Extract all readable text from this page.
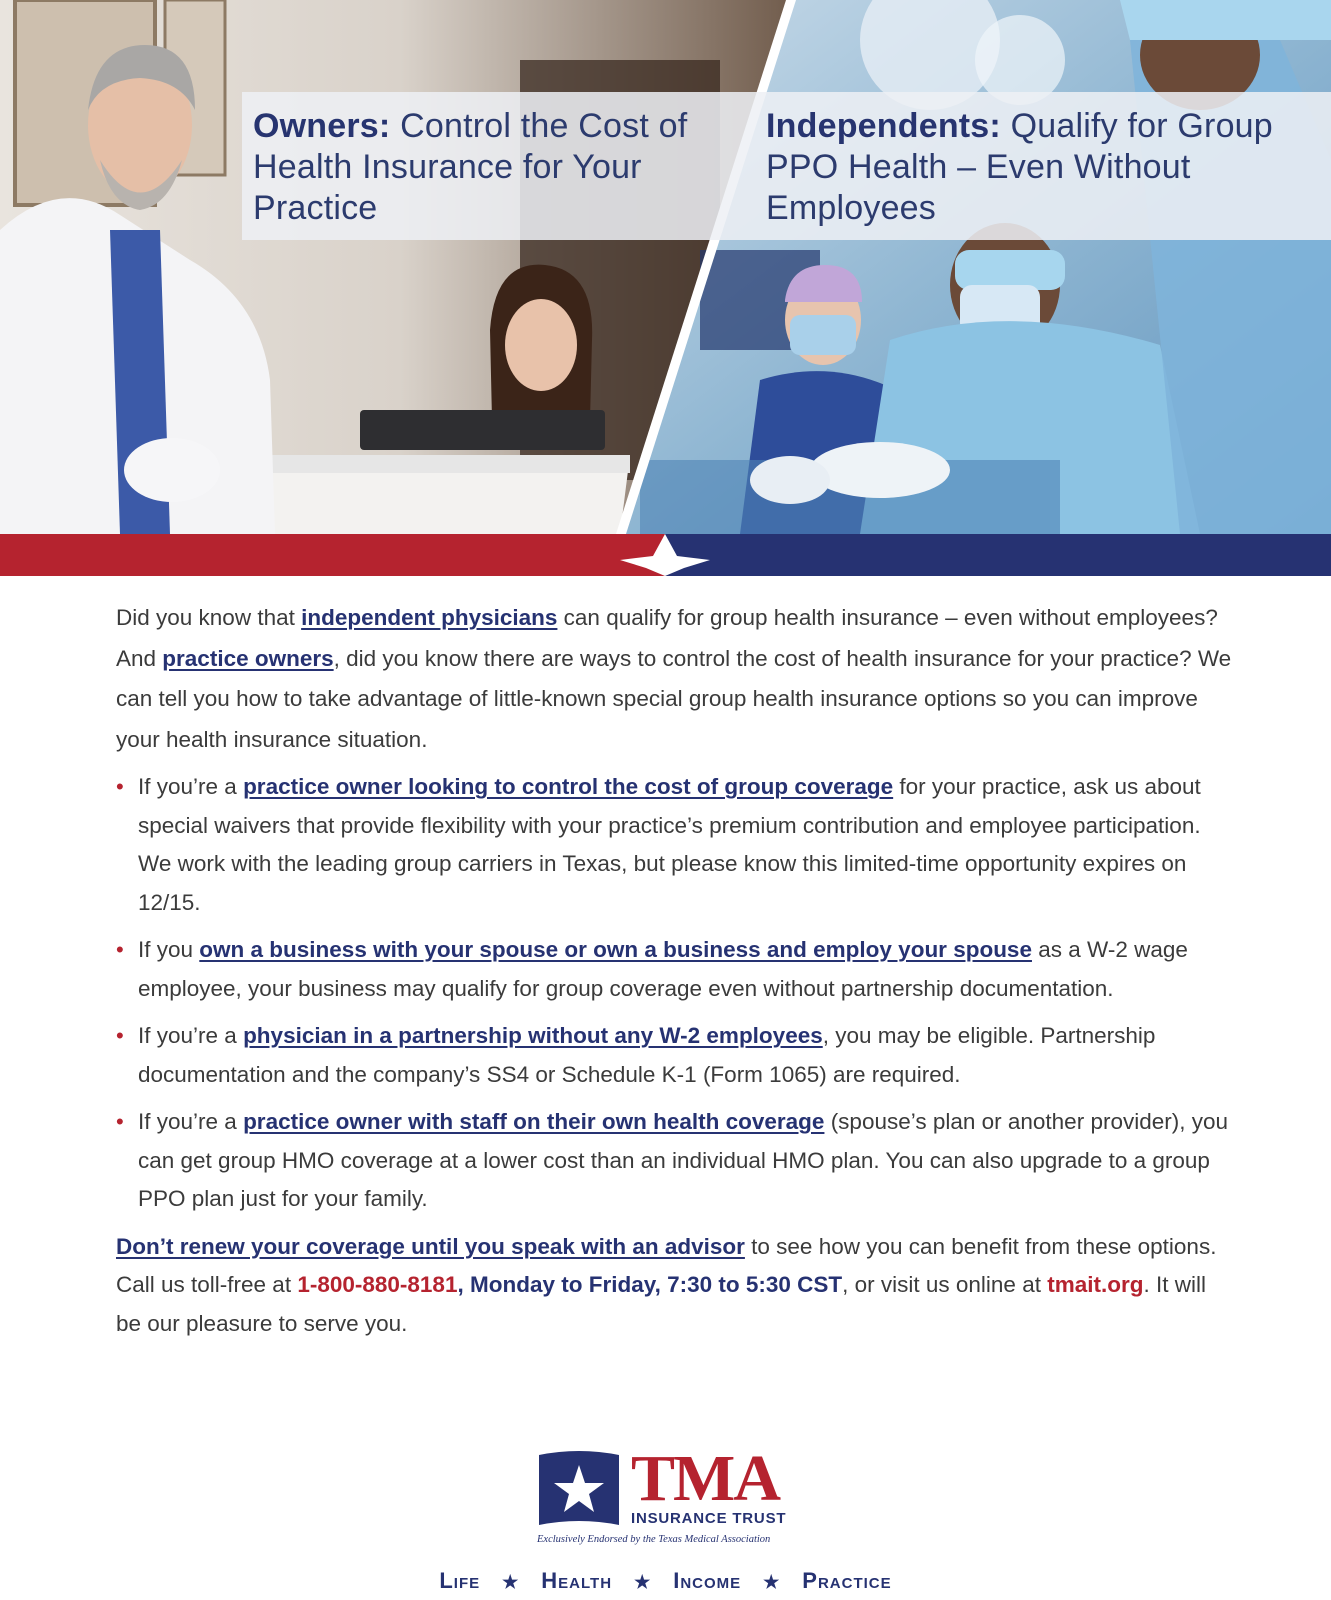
Owners: Control the Cost of Health Insurance for Your Practice
Independents: Qualify for Group PPO Health – Even Without Employees

Did you know that independent physicians can qualify for group health insurance – even without employees? And practice owners, did you know there are ways to control the cost of health insurance for your practice? We can tell you how to take advantage of little-known special group health insurance options so you can improve your health insurance situation.

• If you’re a practice owner looking to control the cost of group coverage for your practice, ask us about special waivers that provide flexibility with your practice’s premium contribution and employee participation. We work with the leading group carriers in Texas, but please know this limited-time opportunity expires on 12/15.
• If you own a business with your spouse or own a business and employ your spouse as a W-2 wage employee, your business may qualify for group coverage even without partnership documentation.
• If you’re a physician in a partnership without any W-2 employees, you may be eligible. Partnership documentation and the company’s SS4 or Schedule K-1 (Form 1065) are required.
• If you’re a practice owner with staff on their own health coverage (spouse’s plan or another provider), you can get group HMO coverage at a lower cost than an individual HMO plan. You can also upgrade to a group PPO plan just for your family.

Don’t renew your coverage until you speak with an advisor to see how you can benefit from these options. Call us toll-free at 1-800-880-8181, Monday to Friday, 7:30 to 5:30 CST, or visit us online at tmait.org. It will be our pleasure to serve you.

TMA
INSURANCE TRUST
Exclusively Endorsed by the Texas Medical Association
Life ★ Health ★ Income ★ Practice
